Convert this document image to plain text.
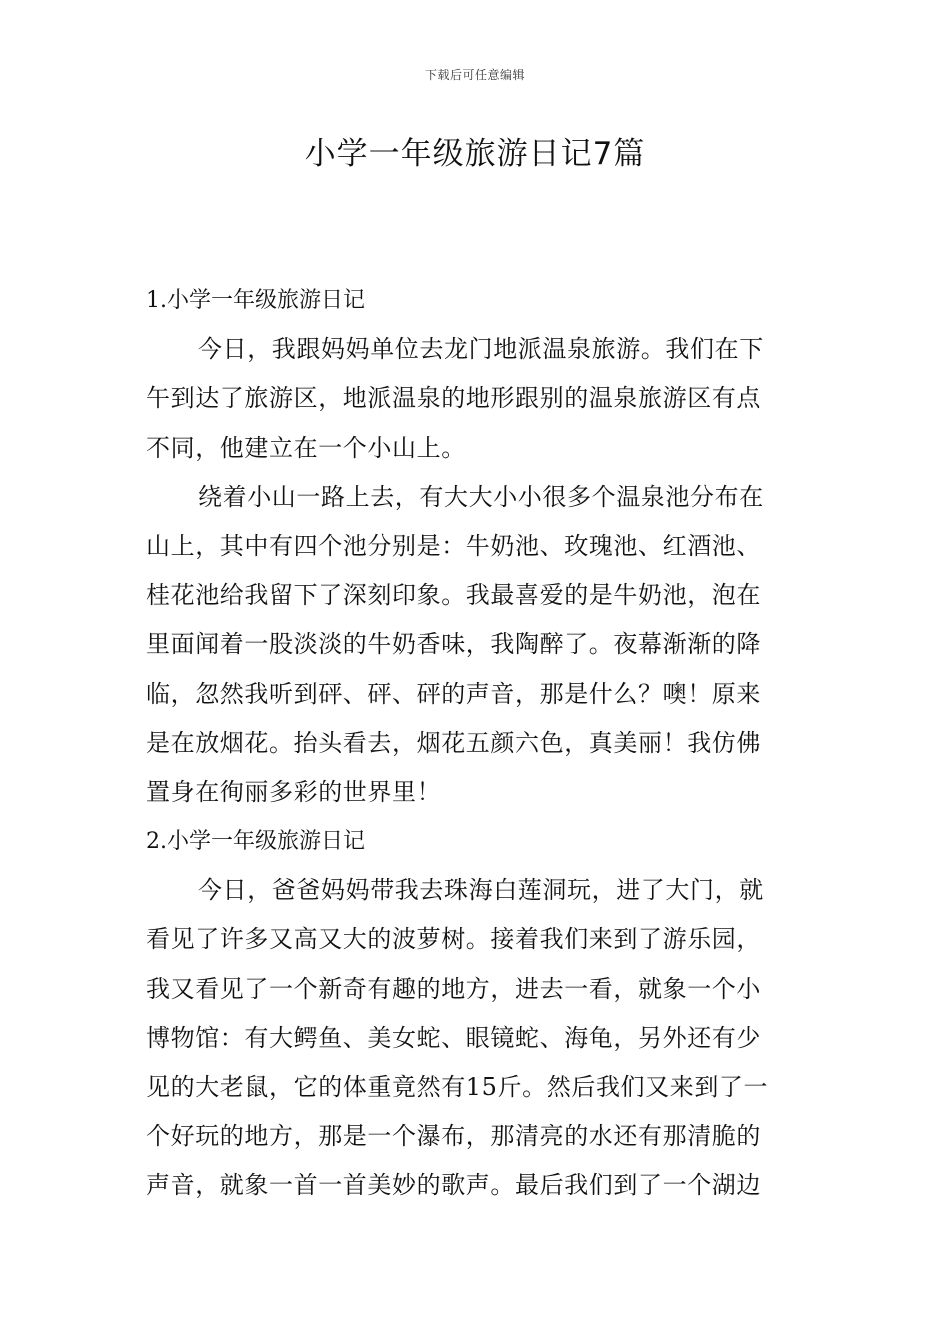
下载后可任意编辑
小学一年级旅游日记7篇
1.小学一年级旅游日记
今日，我跟妈妈单位去龙门地派温泉旅游。我们在下
午到达了旅游区，地派温泉的地形跟别的温泉旅游区有点
不同，他建立在一个小山上。
绕着小山一路上去，有大大小小很多个温泉池分布在
山上，其中有四个池分别是：牛奶池、玫瑰池、红酒池、
桂花池给我留下了深刻印象。我最喜爱的是牛奶池，泡在
里面闻着一股淡淡的牛奶香味，我陶醉了。夜幕渐渐的降
临，忽然我听到砰、砰、砰的声音，那是什么？噢！原来
是在放烟花。抬头看去，烟花五颜六色，真美丽！我仿佛
置身在徇丽多彩的世界里！
2.小学一年级旅游日记
今日，爸爸妈妈带我去珠海白莲洞玩，进了大门，就
看见了许多又高又大的波萝树。接着我们来到了游乐园，
我又看见了一个新奇有趣的地方，进去一看，就象一个小
博物馆：有大鳄鱼、美女蛇、眼镜蛇、海龟，另外还有少
见的大老鼠，它的体重竟然有15斤。然后我们又来到了一
个好玩的地方，那是一个瀑布，那清亮的水还有那清脆的
声音，就象一首一首美妙的歌声。最后我们到了一个湖边
